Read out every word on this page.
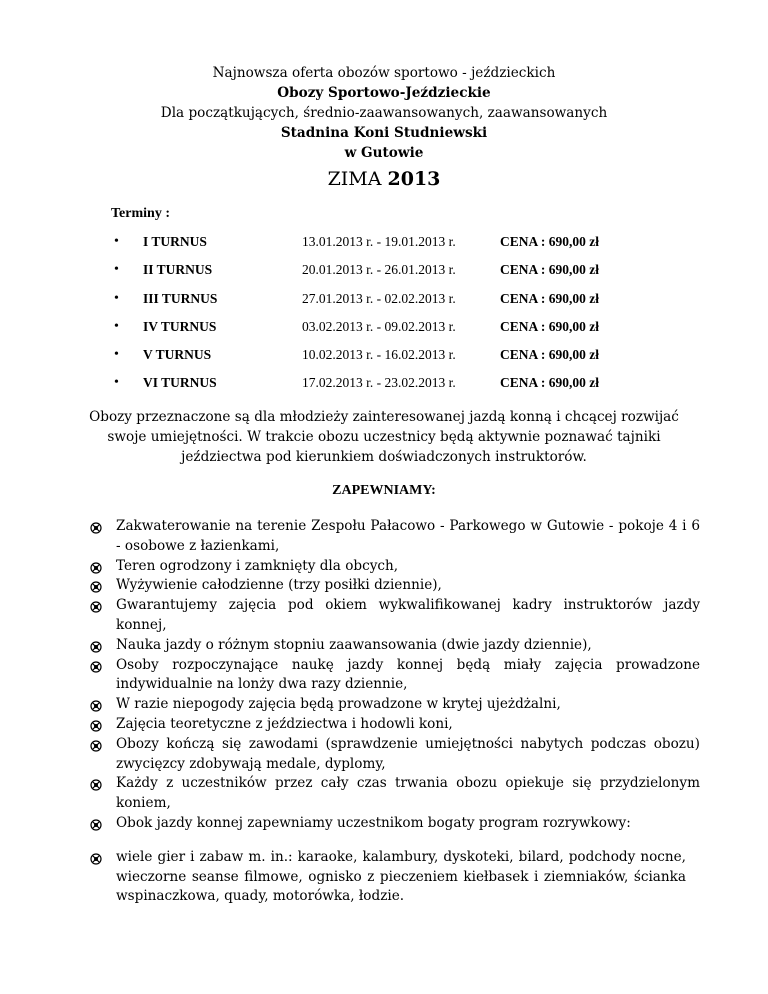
Najnowsza oferta obozów sportowo - jeździeckich
Obozy Sportowo-Jeździeckie
Dla początkujących, średnio-zaawansowanych, zaawansowanych
Stadnina Koni Studniewski
w Gutowie
ZIMA 2013
Terminy :
• I TURNUS	13.01.2013 r. - 19.01.2013 r.	CENA : 690,00 zł
• II TURNUS	20.01.2013 r. - 26.01.2013 r.	CENA : 690,00 zł
• III TURNUS	27.01.2013 r. - 02.02.2013 r.	CENA : 690,00 zł
• IV TURNUS	03.02.2013 r. - 09.02.2013 r.	CENA : 690,00 zł
• V TURNUS	10.02.2013 r. - 16.02.2013 r.	CENA : 690,00 zł
• VI TURNUS	17.02.2013 r. - 23.02.2013 r.	CENA : 690,00 zł
Obozy przeznaczone są dla młodzieży zainteresowanej jazdą konną i chcącej rozwijać swoje umiejętności. W trakcie obozu uczestnicy będą aktywnie poznawać tajniki jeździectwa pod kierunkiem doświadczonych instruktorów.
ZAPEWNIAMY:
Zakwaterowanie na terenie Zespołu Pałacowo - Parkowego w Gutowie - pokoje 4 i 6 - osobowe z łazienkami,
Teren ogrodzony i zamknięty dla obcych,
Wyżywienie całodzienne (trzy posiłki dziennie),
Gwarantujemy zajęcia pod okiem wykwalifikowanej kadry instruktorów jazdy konnej,
Nauka jazdy o różnym stopniu zaawansowania (dwie jazdy dziennie),
Osoby rozpoczynające naukę jazdy konnej będą miały zajęcia prowadzone indywidualnie na lonży dwa razy dziennie,
W razie niepogody zajęcia będą prowadzone w krytej ujeżdżalni,
Zajęcia teoretyczne z jeździectwa i hodowli koni,
Obozy kończą się zawodami (sprawdzenie umiejętności nabytych podczas obozu) zwycięzcy zdobywają medale, dyplomy,
Każdy z uczestników przez cały czas trwania obozu opiekuje się przydzielonym koniem,
Obok jazdy konnej zapewniamy uczestnikom bogaty program rozrywkowy:
wiele gier i zabaw m. in.: karaoke, kalambury, dyskoteki, bilard, podchody nocne, wieczorne seanse filmowe, ognisko z pieczeniem kiełbasek i ziemniaków, ścianka wspinaczkowa, quady, motorówka, łodzie.
